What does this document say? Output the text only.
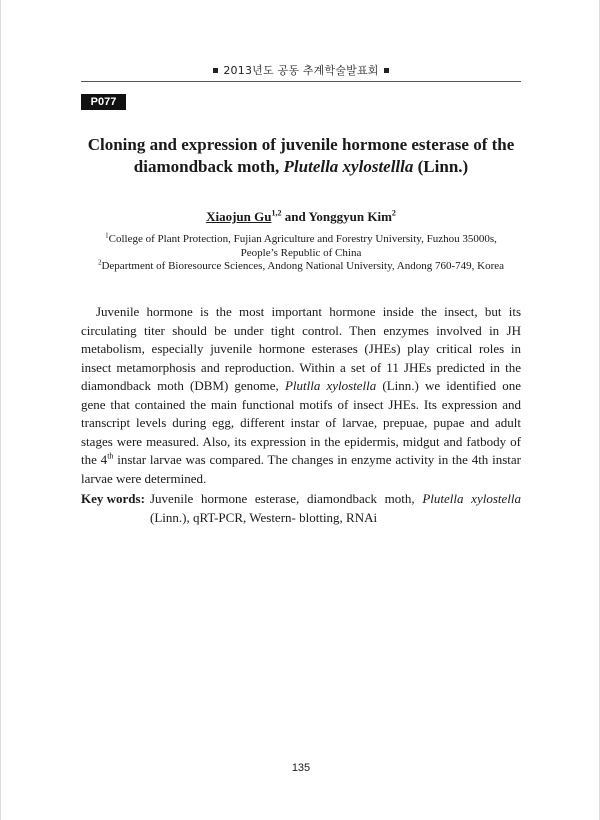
2013년도 공동 추계학술발표회
P077
Cloning and expression of juvenile hormone esterase of the
diamondback moth, Plutella xylostellla (Linn.)
Xiaojun Gu$^{1,2}$ and Yonggyun Kim$^2$
$^1$College of Plant Protection, Fujian Agriculture and Forestry University, Fuzhou 35000s,
People’s Republic of China
$^2$Department of Bioresource Sciences, Andong National University, Andong 760-749, Korea
Juvenile hormone is the most important hormone inside the insect, but its circulating titer should be under tight control. Then enzymes involved in JH metabolism, especially juvenile hormone esterases (JHEs) play critical roles in insect metamorphosis and reproduction. Within a set of 11 JHEs predicted in the diamondback moth (DBM) genome, Plutlla xylostella (Linn.) we identified one gene that contained the main functional motifs of insect JHEs. Its expression and transcript levels during egg, different instar of larvae, prepuae, pupae and adult stages were measured. Also, its expression in the epidermis, midgut and fatbody of the 4th instar larvae was compared. The changes in enzyme activity in the 4th instar larvae were determined.
Key words: Juvenile hormone esterase, diamondback moth, Plutella xylostella (Linn.), qRT-PCR, Western- blotting, RNAi
135
